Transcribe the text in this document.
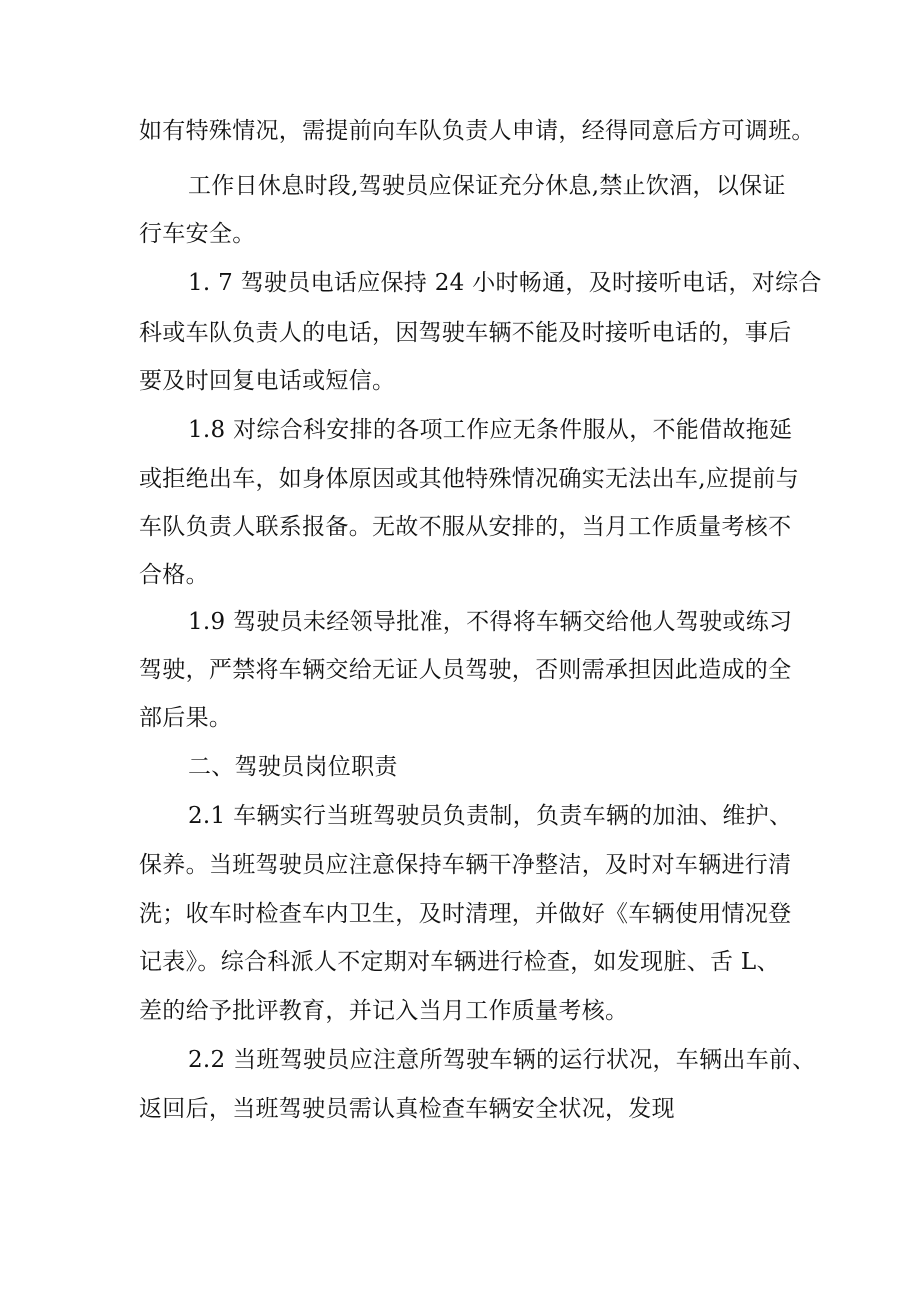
如有特殊情况，需提前向车队负责人申请，经得同意后方可调班。
工作日休息时段,驾驶员应保证充分休息,禁止饮酒，以保证
行车安全。
1. 7 驾驶员电话应保持 24 小时畅通，及时接听电话，对综合
科或车队负责人的电话，因驾驶车辆不能及时接听电话的，事后
要及时回复电话或短信。
1.8 对综合科安排的各项工作应无条件服从，不能借故拖延
或拒绝出车，如身体原因或其他特殊情况确实无法出车,应提前与
车队负责人联系报备。无故不服从安排的，当月工作质量考核不
合格。
1.9 驾驶员未经领导批准，不得将车辆交给他人驾驶或练习
驾驶，严禁将车辆交给无证人员驾驶，否则需承担因此造成的全
部后果。
二、驾驶员岗位职责
2.1 车辆实行当班驾驶员负责制，负责车辆的加油、维护、
保养。当班驾驶员应注意保持车辆干净整洁，及时对车辆进行清
洗；收车时检查车内卫生，及时清理，并做好《车辆使用情况登
记表》。综合科派人不定期对车辆进行检查，如发现脏、舌 L、
差的给予批评教育，并记入当月工作质量考核。
2.2 当班驾驶员应注意所驾驶车辆的运行状况，车辆出车前、
返回后，当班驾驶员需认真检查车辆安全状况，发现
